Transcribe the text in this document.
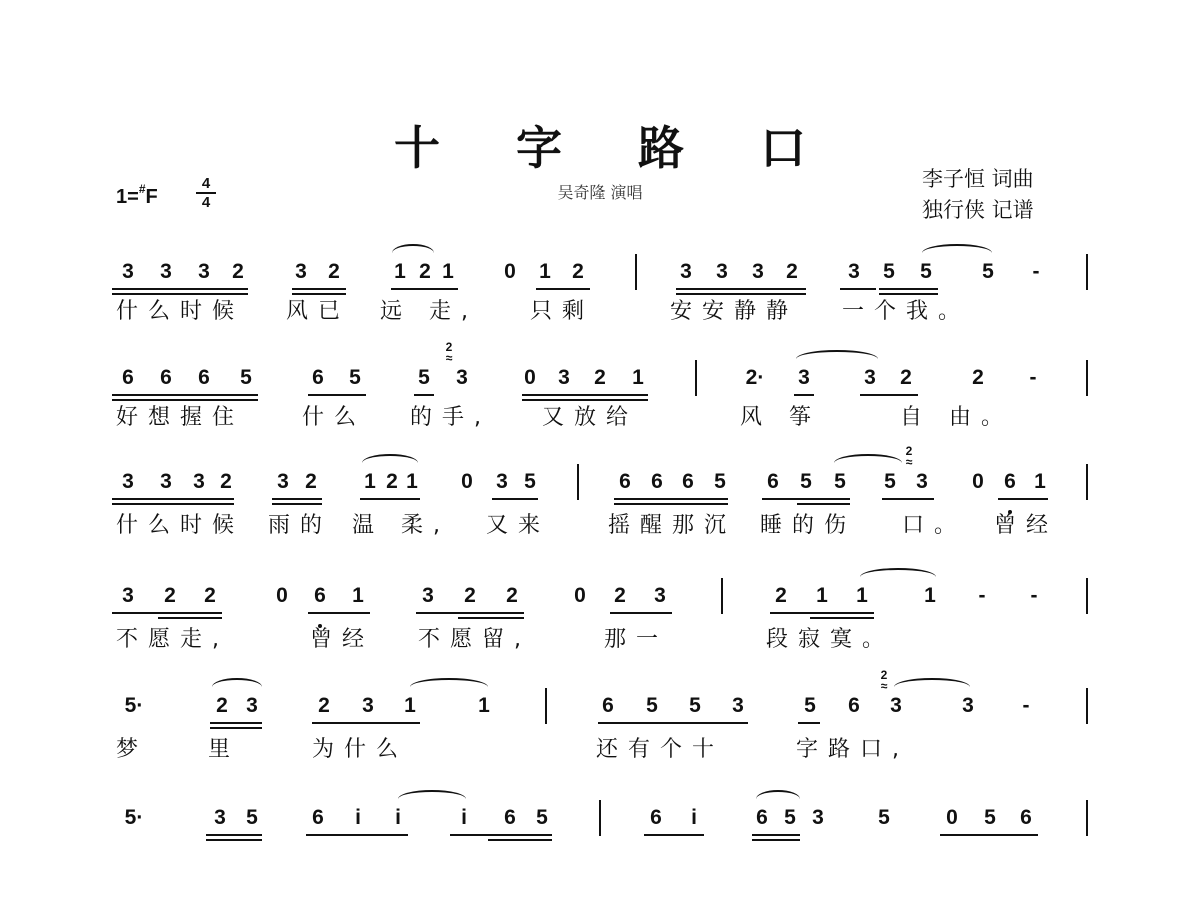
十 字 路 口
吴奇隆 演唱
1=#F
4
4
李子恒 词曲
独行侠 记谱
3 3 3 2 3 2	1 2 1 0 1 2	3 3 3 2 3 5 5 5 -
什么时候 风已 远 走, 只剩	安安静静 一个我。
6 6 6 5	6 5	5 3	0 3 2 1	2· 3	3 2	2 -
2
≈
好想握住	什么 的手, 又放给	风 筝	自 由。
3 3 3 2 3 2 1 2 1 0 3 5	6 6 6 5 6 5 5 5 3 0 6 1
2
≈
什么时候 雨的 温 柔, 又来	摇醒那沉 睡的伤 口。 曾经
3 2 2	0 6 1	3 2 2	0 2 3	2 1 1	1 - -
不愿走,	曾经 不愿留,	那一	段寂寞。
5·	2 3	2 3 1	1	6 5 5 3	5 6 3	3 -
2
≈
梦	里	为什么	还有个十	字路口,
5·	3 5	6 i i	i 6 5	6 i	6 5 3	5	0 5 6
